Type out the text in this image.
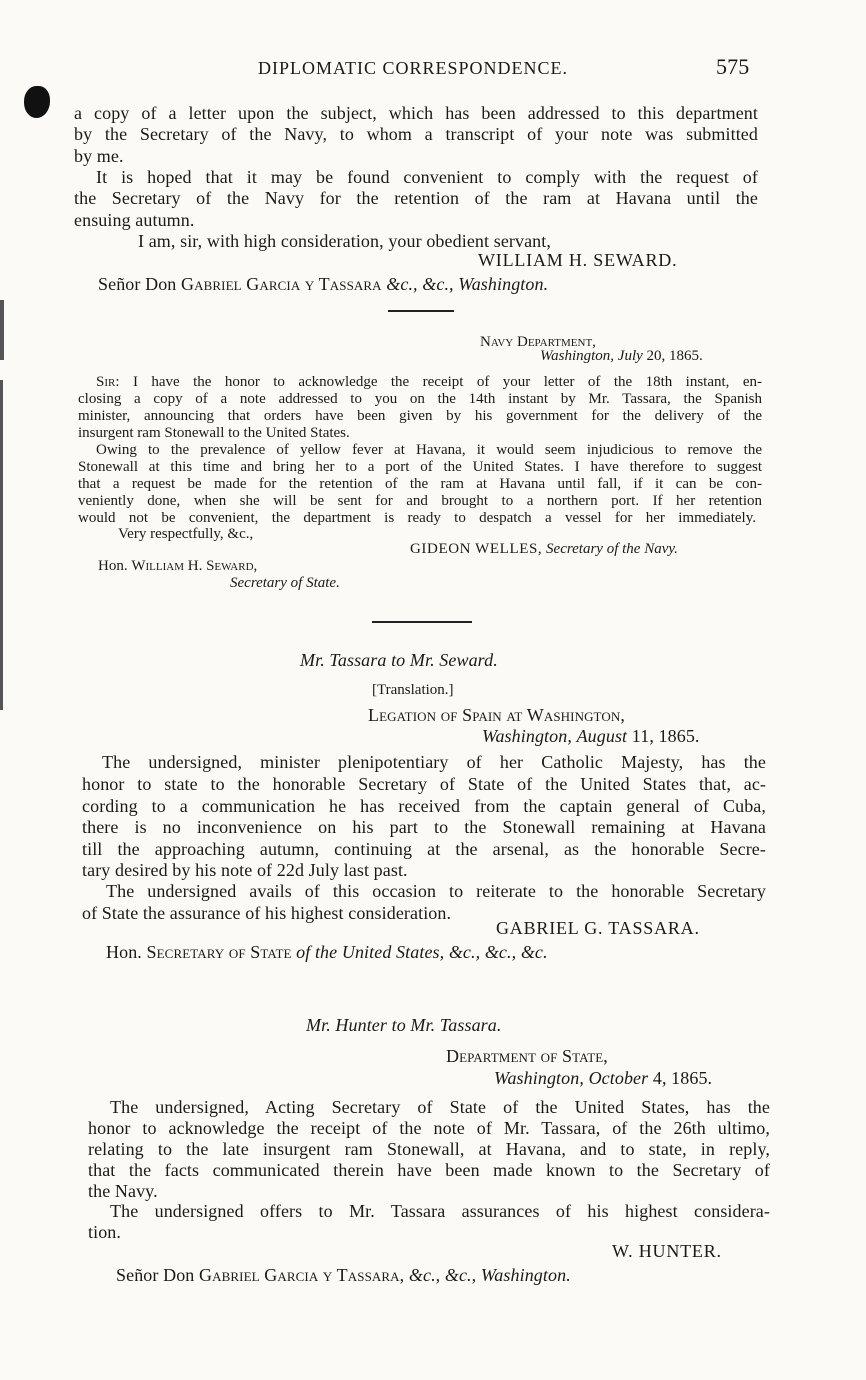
DIPLOMATIC CORRESPONDENCE.	575
a copy of a letter upon the subject, which has been addressed to this department
by the Secretary of the Navy, to whom a transcript of your note was submitted
by me.
It is hoped that it may be found convenient to comply with the request of
the Secretary of the Navy for the retention of the ram at Havana until the
ensuing autumn.
I am, sir, with high consideration, your obedient servant,
WILLIAM H. SEWARD.
Señor Don Gabriel Garcia y Tassara &c., &c., Washington.
Navy Department,
Washington, July 20, 1865.
Sir: I have the honor to acknowledge the receipt of your letter of the 18th instant, en-
closing a copy of a note addressed to you on the 14th instant by Mr. Tassara, the Spanish
minister, announcing that orders have been given by his government for the delivery of the
insurgent ram Stonewall to the United States.
Owing to the prevalence of yellow fever at Havana, it would seem injudicious to remove the
Stonewall at this time and bring her to a port of the United States. I have therefore to suggest
that a request be made for the retention of the ram at Havana until fall, if it can be con-
veniently done, when she will be sent for and brought to a northern port. If her retention
would not be convenient, the department is ready to despatch a vessel for her immediately.
Very respectfully, &c.,
GIDEON WELLES, Secretary of the Navy.
Hon. William H. Seward,
Secretary of State.
Mr. Tassara to Mr. Seward.
[Translation.]
Legation of Spain at Washington,
Washington, August 11, 1865.
The undersigned, minister plenipotentiary of her Catholic Majesty, has the
honor to state to the honorable Secretary of State of the United States that, ac-
cording to a communication he has received from the captain general of Cuba,
there is no inconvenience on his part to the Stonewall remaining at Havana
till the approaching autumn, continuing at the arsenal, as the honorable Secre-
tary desired by his note of 22d July last past.
The undersigned avails of this occasion to reiterate to the honorable Secretary
of State the assurance of his highest consideration.
GABRIEL G. TASSARA.
Hon. Secretary of State of the United States, &c., &c., &c.
Mr. Hunter to Mr. Tassara.
Department of State,
Washington, October 4, 1865.
The undersigned, Acting Secretary of State of the United States, has the
honor to acknowledge the receipt of the note of Mr. Tassara, of the 26th ultimo,
relating to the late insurgent ram Stonewall, at Havana, and to state, in reply,
that the facts communicated therein have been made known to the Secretary of
the Navy.
The undersigned offers to Mr. Tassara assurances of his highest considera-
tion.
W. HUNTER.
Señor Don Gabriel Garcia y Tassara, &c., &c., Washington.
